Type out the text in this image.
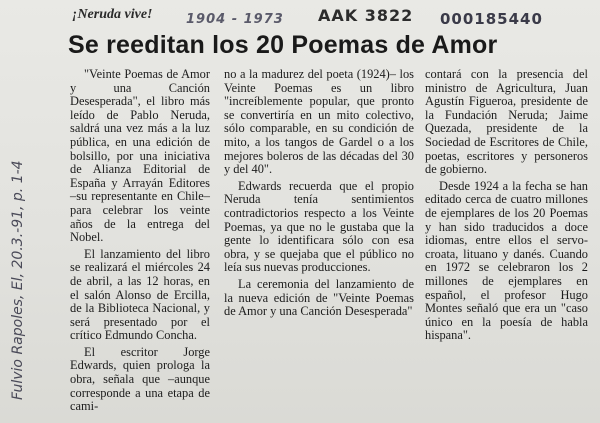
¡Neruda vive!	1904 - 1973 AAK 3822 000185440
Fulvio Rapoles, El, 20.3.-91, p. 1-4
Se reeditan los 20 Poemas de Amor

"Veinte Poemas de Amor y una Canción Desesperada", el libro más leído de Pablo Neruda, saldrá una vez más a la luz pública, en una edición de bolsillo, por una iniciativa de Alianza Editorial de España y Arrayán Editores –su representante en Chile– para celebrar los veinte años de la entrega del Nobel.

El lanzamiento del libro se realizará el miércoles 24 de abril, a las 12 horas, en el salón Alonso de Ercilla, de la Biblioteca Nacional, y será presentado por el crítico Edmundo Concha.

El escritor Jorge Edwards, quien prologa la obra, señala que –aunque corresponde a una etapa de cami-

no a la madurez del poeta (1924)– los Veinte Poemas es un libro "increíblemente popular, que pronto se convertiría en un mito colectivo, sólo comparable, en su condición de mito, a los tangos de Gardel o a los mejores boleros de las décadas del 30 y del 40".

Edwards recuerda que el propio Neruda tenía sentimientos contradictorios respecto a los Veinte Poemas, ya que no le gustaba que la gente lo identificara sólo con esa obra, y se quejaba que el público no leía sus nuevas producciones.

La ceremonia del lanzamiento de la nueva edición de "Veinte Poemas de Amor y una Canción Desesperada"

contará con la presencia del ministro de Agricultura, Juan Agustín Figueroa, presidente de la Fundación Neruda; Jaime Quezada, presidente de la Sociedad de Escritores de Chile, poetas, escritores y personeros de gobierno.

Desde 1924 a la fecha se han editado cerca de cuatro millones de ejemplares de los 20 Poemas y han sido traducidos a doce idiomas, entre ellos el servo-croata, lituano y danés. Cuando en 1972 se celebraron los 2 millones de ejemplares en español, el profesor Hugo Montes señaló que era un "caso único en la poesía de habla hispana".
